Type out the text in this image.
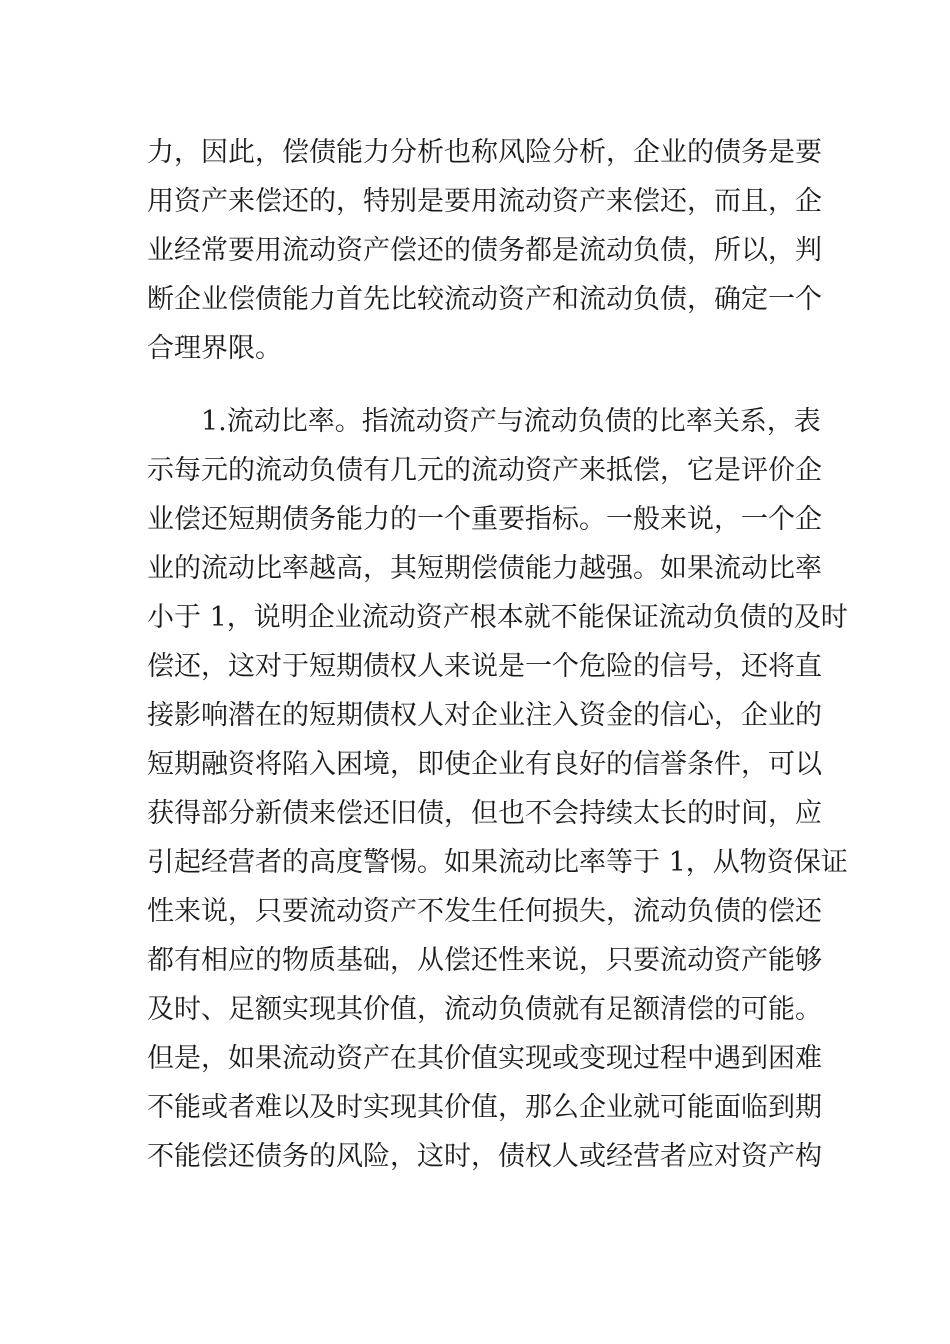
力，因此，偿债能力分析也称风险分析，企业的债务是要
用资产来偿还的，特别是要用流动资产来偿还，而且，企
业经常要用流动资产偿还的债务都是流动负债，所以，判
断企业偿债能力首先比较流动资产和流动负债，确定一个
合理界限。
1.流动比率。指流动资产与流动负债的比率关系，表
示每元的流动负债有几元的流动资产来抵偿，它是评价企
业偿还短期债务能力的一个重要指标。一般来说，一个企
业的流动比率越高，其短期偿债能力越强。如果流动比率
小于 1，说明企业流动资产根本就不能保证流动负债的及时
偿还，这对于短期债权人来说是一个危险的信号，还将直
接影响潜在的短期债权人对企业注入资金的信心，企业的
短期融资将陷入困境，即使企业有良好的信誉条件，可以
获得部分新债来偿还旧债，但也不会持续太长的时间，应
引起经营者的高度警惕。如果流动比率等于 1，从物资保证
性来说，只要流动资产不发生任何损失，流动负债的偿还
都有相应的物质基础，从偿还性来说，只要流动资产能够
及时、足额实现其价值，流动负债就有足额清偿的可能。
但是，如果流动资产在其价值实现或变现过程中遇到困难
不能或者难以及时实现其价值，那么企业就可能面临到期
不能偿还债务的风险，这时，债权人或经营者应对资产构
